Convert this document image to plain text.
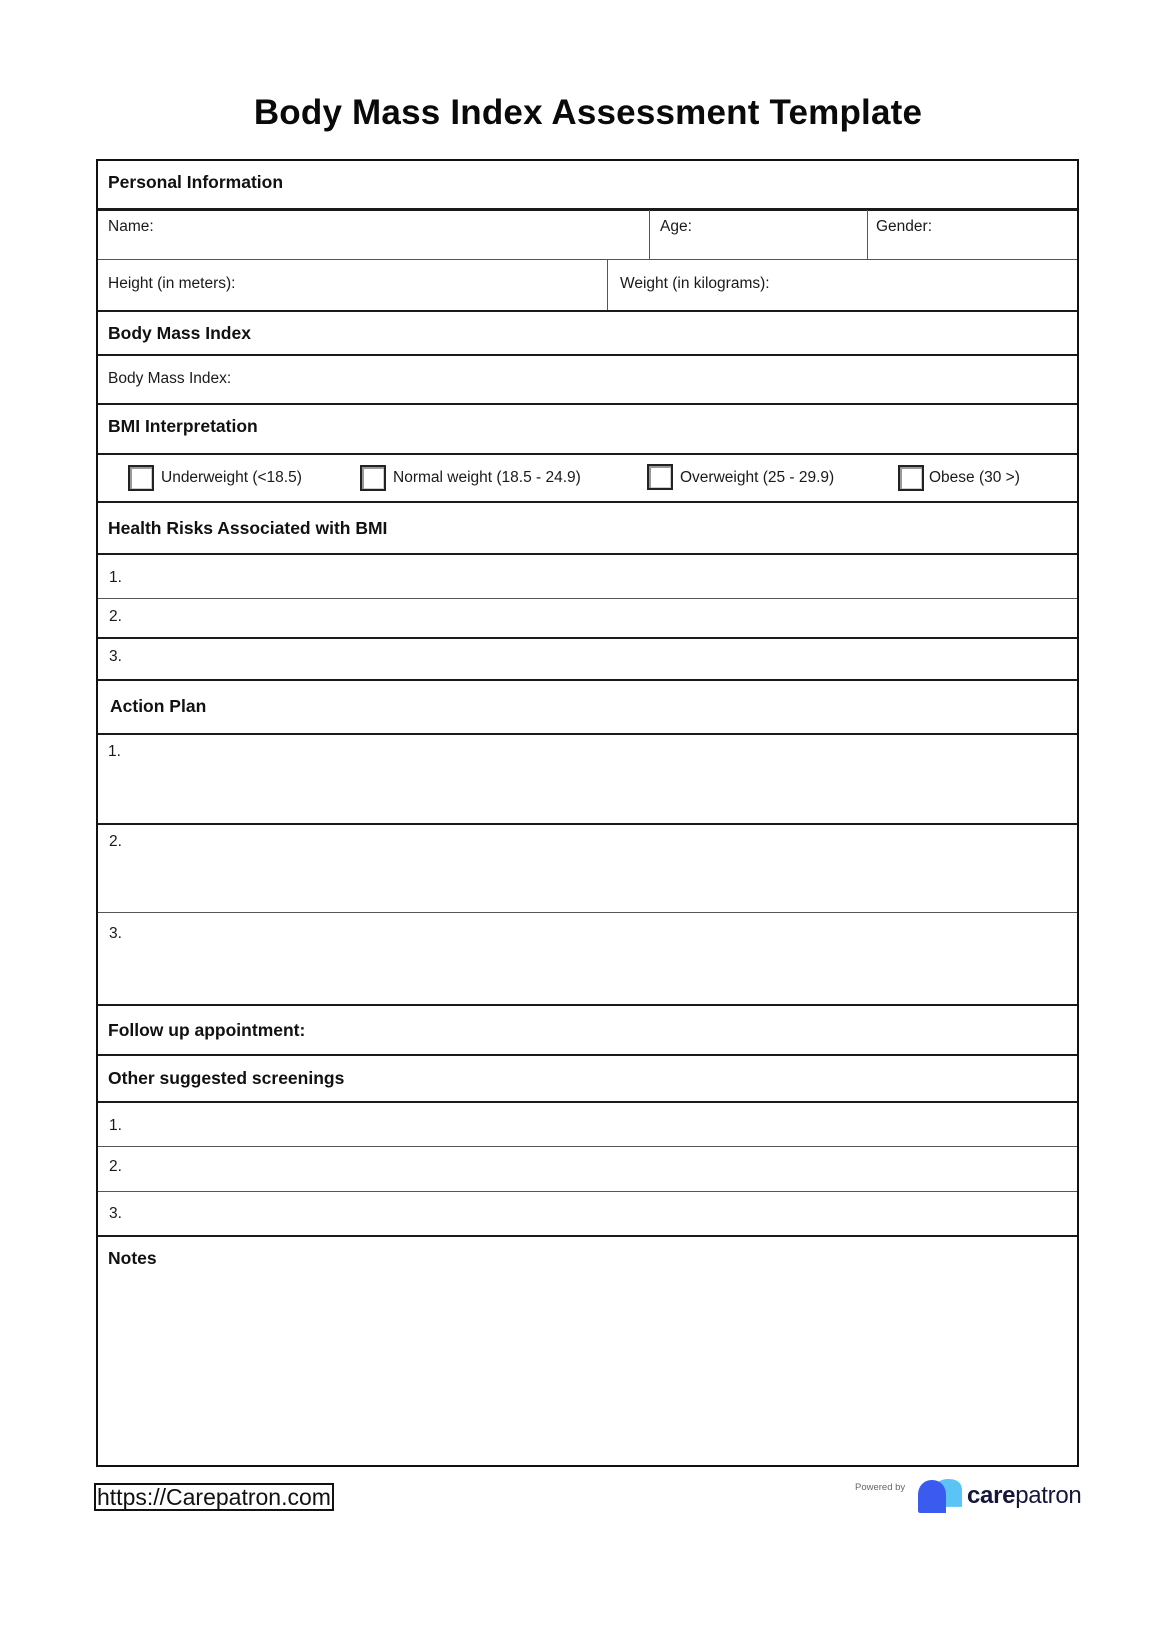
Body Mass Index Assessment Template
Personal Information
Name:	Age:	Gender:
Height (in meters):	Weight (in kilograms):
Body Mass Index
Body Mass Index:
BMI Interpretation
Underweight (<18.5)	Normal weight (18.5 - 24.9)	Overweight (25 - 29.9)	Obese (30 >)
Health Risks Associated with BMI
1.
2.
3.
Action Plan
1.
2.
3.
Follow up appointment:
Other suggested screenings
1.
2.
3.
Notes
https://Carepatron.com	Powered by	carepatron
